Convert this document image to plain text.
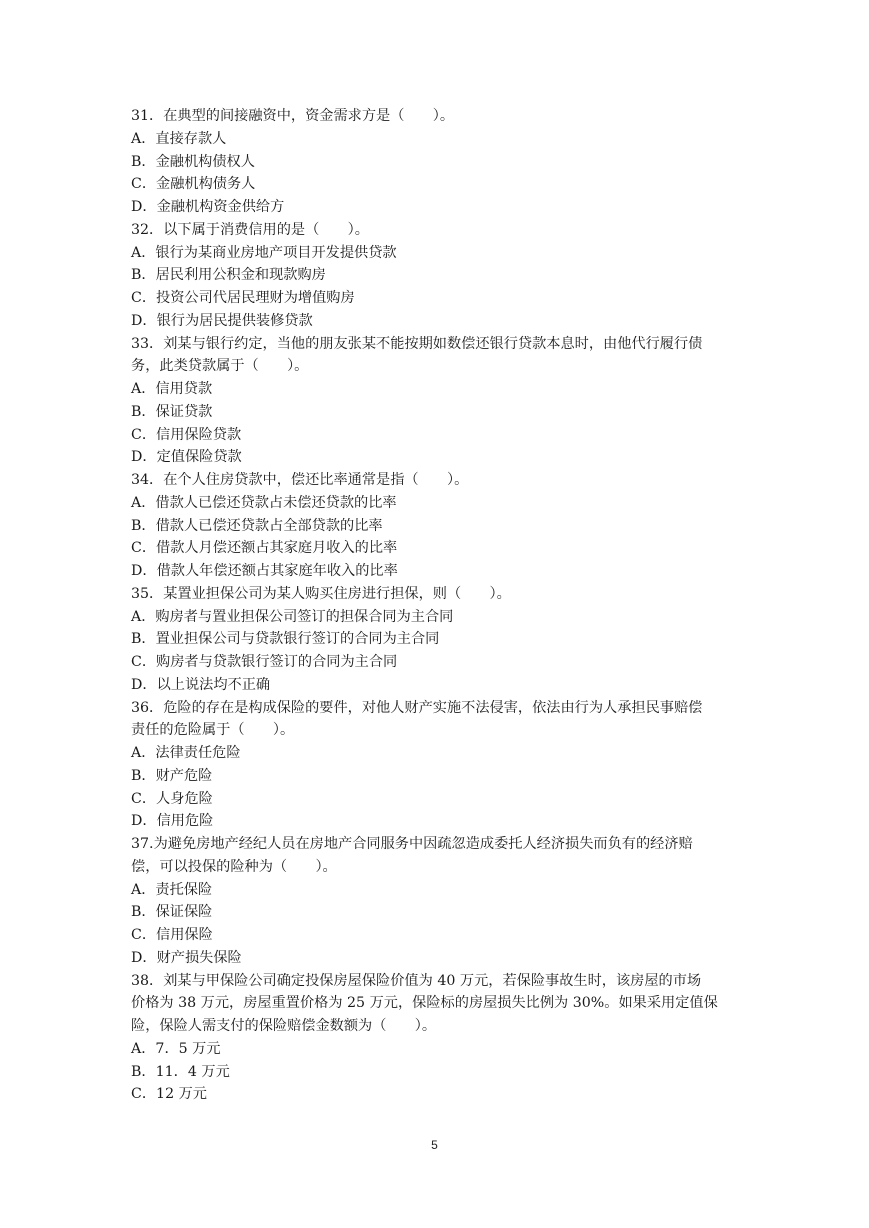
31．在典型的间接融资中，资金需求方是（　　）。
A．直接存款人
B．金融机构债权人
C．金融机构债务人
D．金融机构资金供给方
32．以下属于消费信用的是（　　）。
A．银行为某商业房地产项目开发提供贷款
B．居民利用公积金和现款购房
C．投资公司代居民理财为增值购房
D．银行为居民提供装修贷款
33．刘某与银行约定，当他的朋友张某不能按期如数偿还银行贷款本息时，由他代行履行债
务，此类贷款属于（　　）。
A．信用贷款
B．保证贷款
C．信用保险贷款
D．定值保险贷款
34．在个人住房贷款中，偿还比率通常是指（　　）。
A．借款人已偿还贷款占未偿还贷款的比率
B．借款人已偿还贷款占全部贷款的比率
C．借款人月偿还额占其家庭月收入的比率
D．借款人年偿还额占其家庭年收入的比率
35．某置业担保公司为某人购买住房进行担保，则（　　）。
A．购房者与置业担保公司签订的担保合同为主合同
B．置业担保公司与贷款银行签订的合同为主合同
C．购房者与贷款银行签订的合同为主合同
D．以上说法均不正确
36．危险的存在是构成保险的要件，对他人财产实施不法侵害，依法由行为人承担民事赔偿
责任的危险属于（　　）。
A．法律责任危险
B．财产危险
C．人身危险
D．信用危险
37.为避免房地产经纪人员在房地产合同服务中因疏忽造成委托人经济损失而负有的经济赔
偿，可以投保的险种为（　　）。
A．责托保险
B．保证保险
C．信用保险
D．财产损失保险
38．刘某与甲保险公司确定投保房屋保险价值为 40 万元，若保险事故生时，该房屋的市场
价格为 38 万元，房屋重置价格为 25 万元，保险标的房屋损失比例为 30%。如果采用定值保
险，保险人需支付的保险赔偿金数额为（　　）。
A．7．5 万元
B．11．4 万元
C．12 万元
5
